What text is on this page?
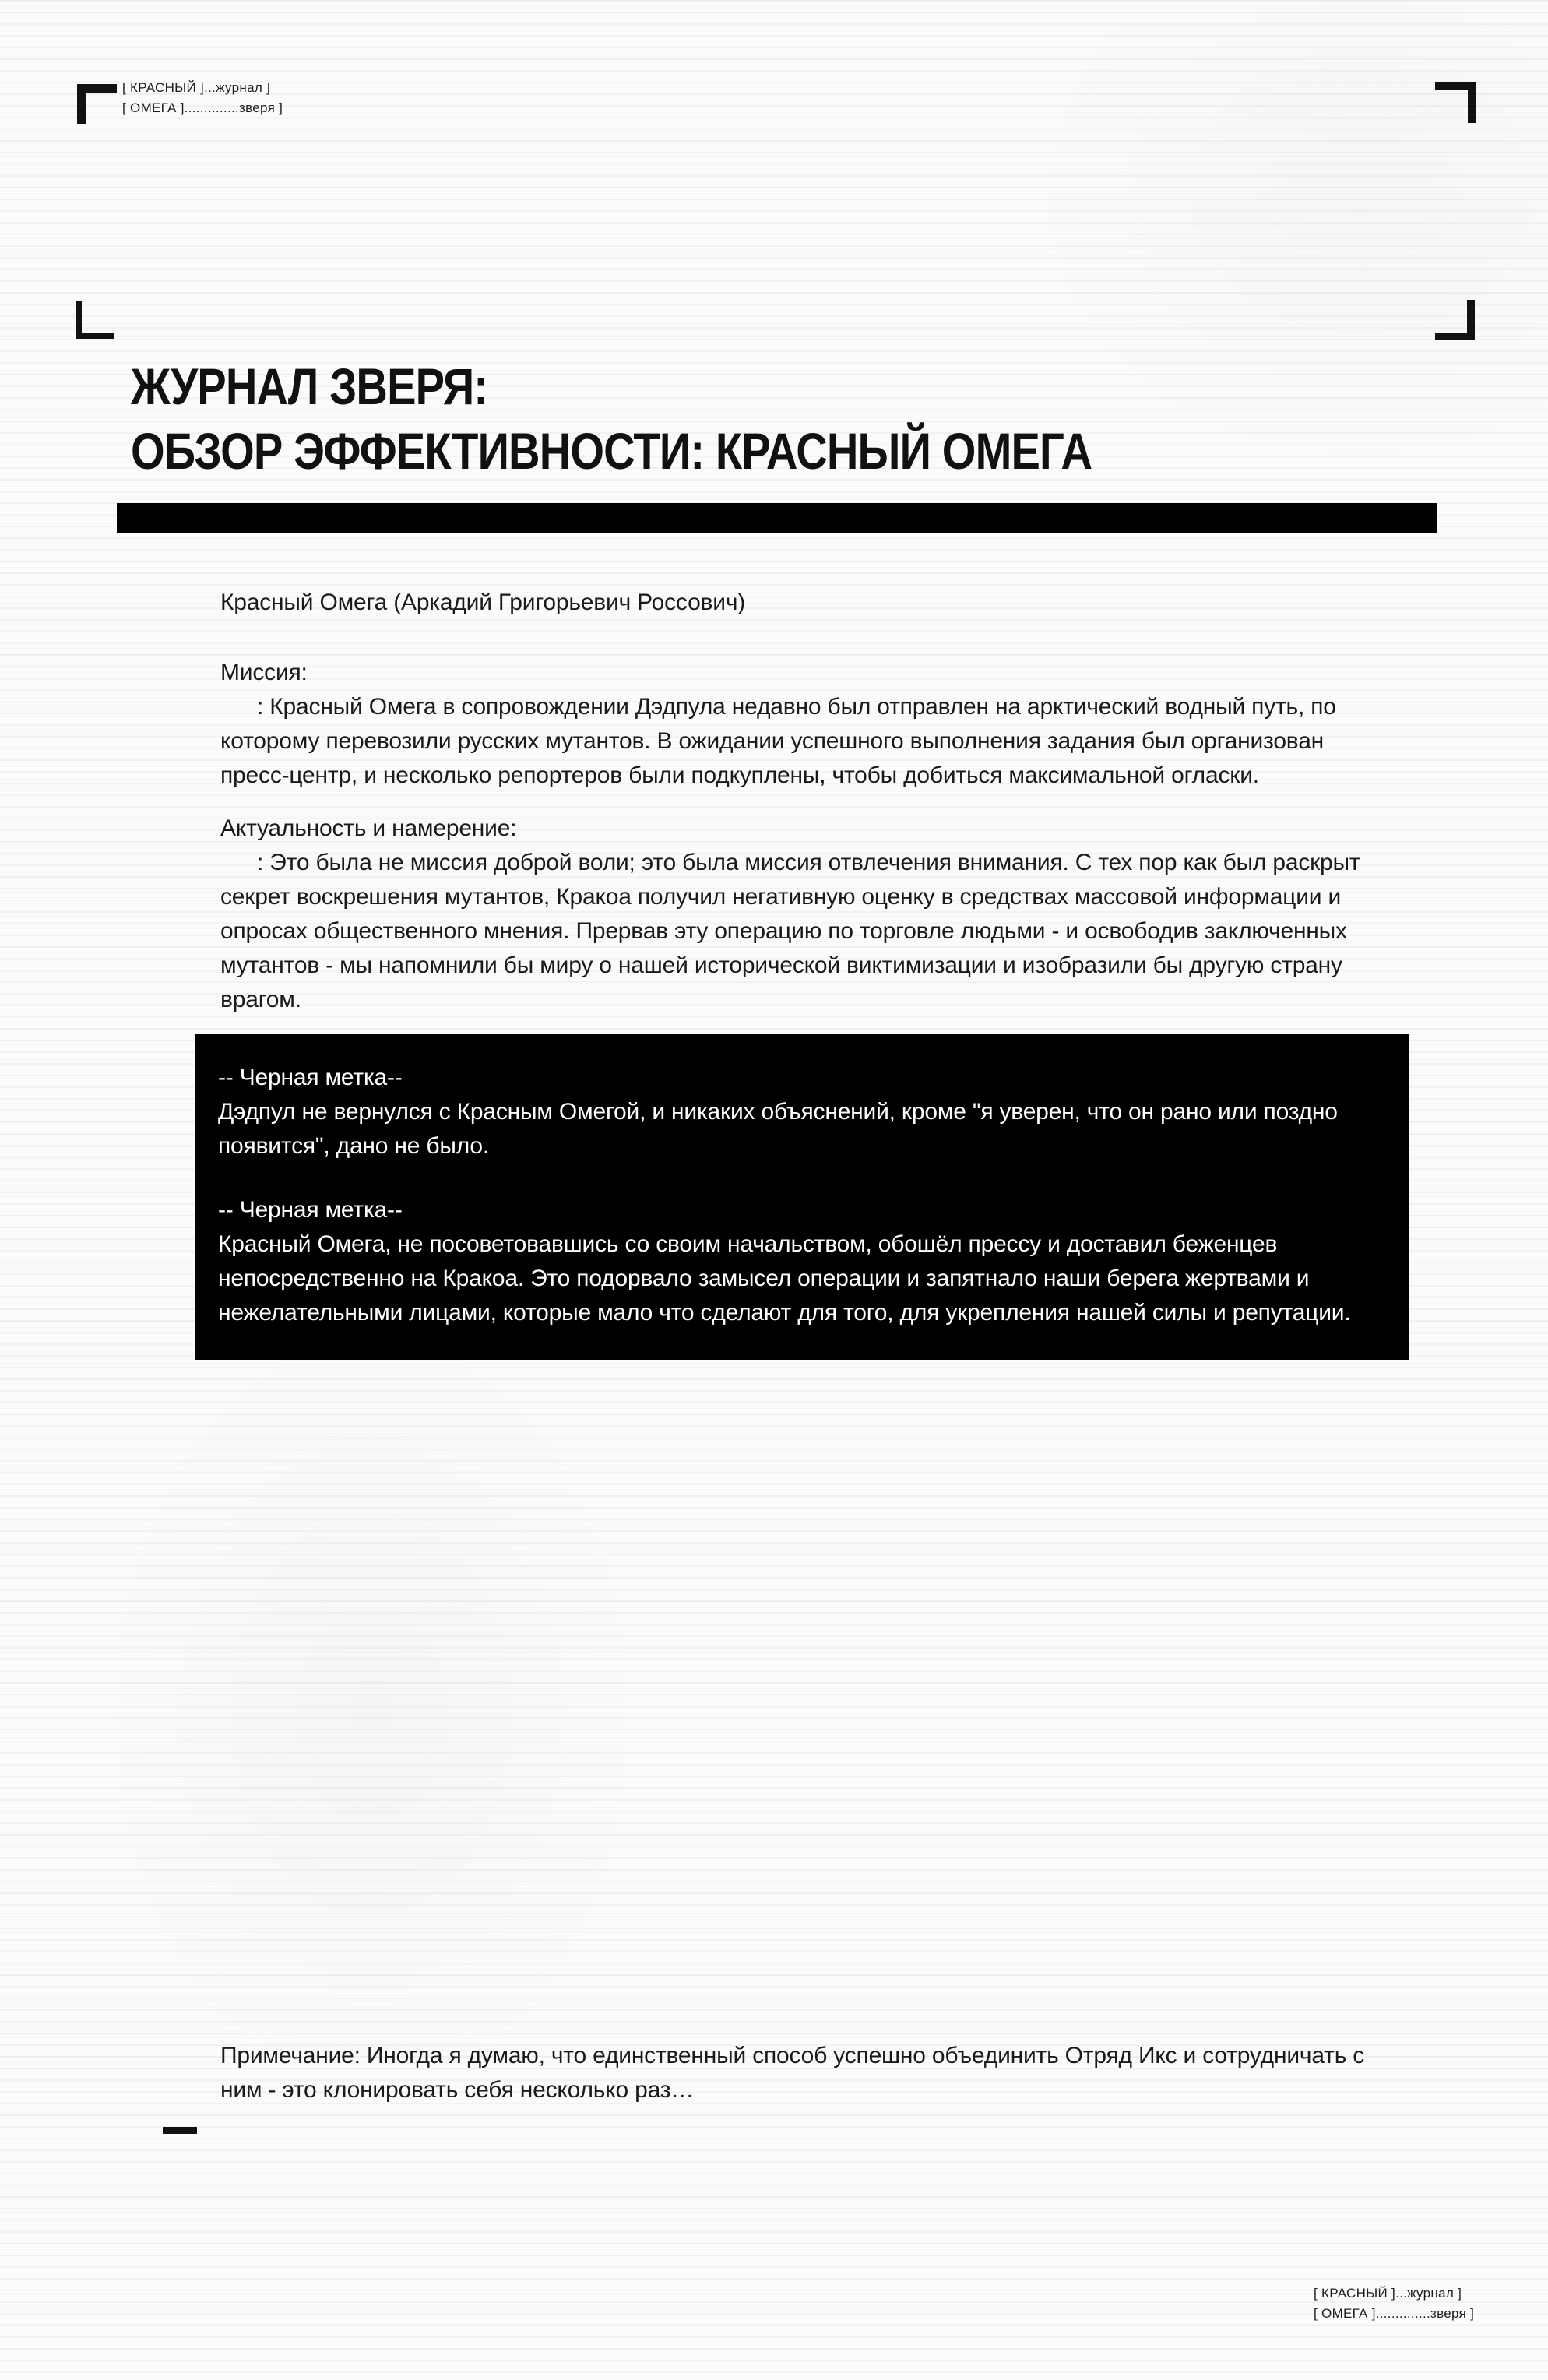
[ КРАСНЫЙ ]...журнал ]
[ ОМЕГА ]..............зверя ]
ЖУРНАЛ ЗВЕРЯ:
ОБЗОР ЭФФЕКТИВНОСТИ: КРАСНЫЙ ОМЕГА

Красный Омега (Аркадий Григорьевич Россович)

Миссия:

: Красный Омега в сопровождении Дэдпула недавно был отправлен на арктический водный путь, по которому перевозили русских мутантов. В ожидании успешного выполнения задания был организован пресс-центр, и несколько репортеров были подкуплены, чтобы добиться максимальной огласки.

Актуальность и намерение:

: Это была не миссия доброй воли; это была миссия отвлечения внимания. С тех пор как был раскрыт секрет воскрешения мутантов, Кракоа получил негативную оценку в средствах массовой информации и опросах общественного мнения. Прервав эту операцию по торговле людьми - и освободив заключенных мутантов - мы напомнили бы миру о нашей исторической виктимизации и изобразили бы другую страну врагом.

-- Черная метка--

Дэдпул не вернулся с Красным Омегой, и никаких объяснений, кроме "я уверен, что он рано или поздно появится", дано не было.

-- Черная метка--

Красный Омега, не посоветовавшись со своим начальством, обошёл прессу и доставил беженцев непосредственно на Кракоа. Это подорвало замысел операции и запятнало наши берега жертвами и нежелательными лицами, которые мало что сделают для того, для укрепления нашей силы и репутации.

Примечание: Иногда я думаю, что единственный способ успешно объединить Отряд Икс и сотрудничать с ним - это клонировать себя несколько раз…

[ КРАСНЫЙ ]...журнал ]
[ ОМЕГА ]..............зверя ]
